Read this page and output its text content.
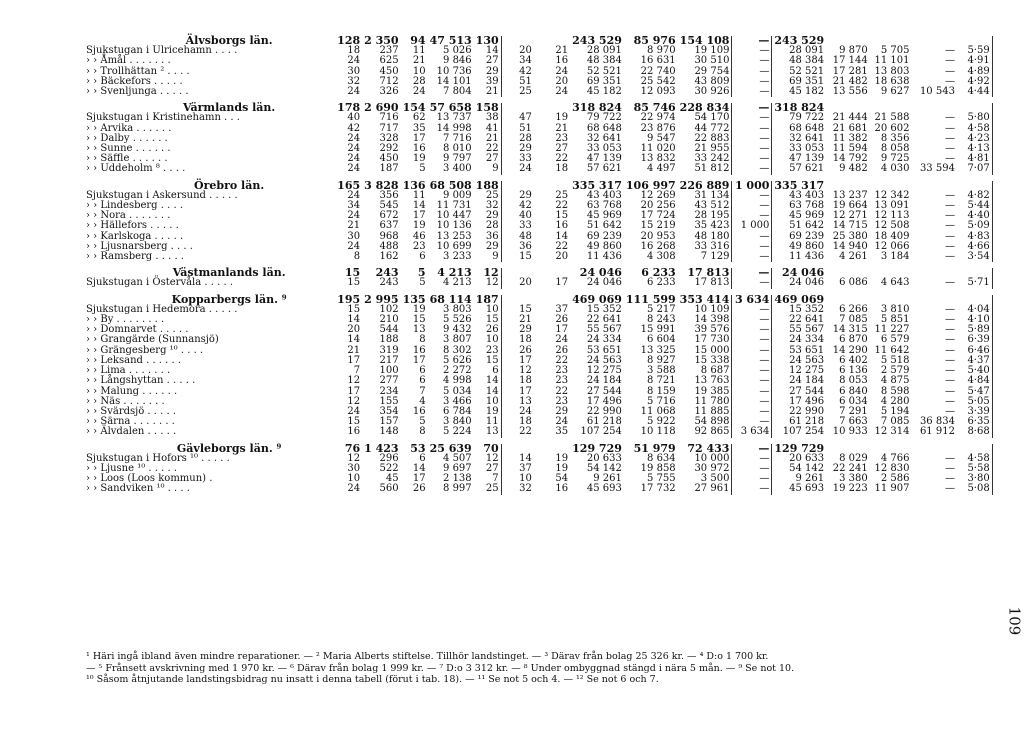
Älvsborgs län.	128	2 350	94	47 513	130			243 529	85 976	154 108	—	243 529					
Sjukstugan i Ulricehamn . . . .	18	237	11	5 026	14	20	21	28 091	8 970	19 109	—	28 091	9 870	5 705	—	5·59	
› › Åmål . . . . . . .	24	625	21	9 846	27	34	16	48 384	16 631	30 510	—	48 384	17 144	11 101	—	4·91	
› › Trollhättan ² . . . .	30	450	10	10 736	29	42	24	52 521	22 740	29 754	—	52 521	17 281	13 803	—	4·89	
› › Bäckefors . . . . .	32	712	28	14 101	39	51	20	69 351	25 542	43 809	—	69 351	21 482	18 638	—	4·92	
› › Svenljunga . . . . .	24	326	24	7 804	21	25	24	45 182	12 093	30 926	—	45 182	13 556	9 627	10 543	4·44	

Värmlands län.	178	2 690	154	57 658	158			318 824	85 746	228 834	—	318 824					
Sjukstugan i Kristinehamn . . .	40	716	62	13 737	38	47	19	79 722	22 974	54 170	—	79 722	21 444	21 588	—	5·80	
› › Arvika . . . . . .	42	717	35	14 998	41	51	21	68 648	23 876	44 772	—	68 648	21 681	20 602	—	4·58	
› › Dalby . . . . . .	24	328	17	7 716	21	28	23	32 641	9 547	22 883	—	32 641	11 382	8 356	—	4·23	
› › Sunne . . . . . .	24	292	16	8 010	22	29	27	33 053	11 020	21 955	—	33 053	11 594	8 058	—	4·13	
› › Säffle . . . . . .	24	450	19	9 797	27	33	22	47 139	13 832	33 242	—	47 139	14 792	9 725	—	4·81	
› › Uddeholm ⁸ . . . .	24	187	5	3 400	9	24	18	57 621	4 497	51 812	—	57 621	9 482	4 030	33 594	7·07	

Örebro län.	165	3 828	136	68 508	188			335 317	106 997	226 889	1 000	335 317					
Sjukstugan i Askersund . . . . .	24	356	11	9 009	25	29	25	43 403	12 269	31 134	—	43 403	13 237	12 342	—	4·82	
› › Lindesberg . . . .	34	545	14	11 731	32	42	22	63 768	20 256	43 512	—	63 768	19 664	13 091	—	5·44	
› › Nora . . . . . . .	24	672	17	10 447	29	40	15	45 969	17 724	28 195	—	45 969	12 271	12 113	—	4·40	
› › Hällefors . . . . .	21	637	19	10 136	28	33	16	51 642	15 219	35 423	1 000	51 642	14 715	12 508	—	5·09	
› › Karlskoga . . . . .	30	968	46	13 253	36	48	14	69 239	20 953	48 180	—	69 239	25 380	18 409	—	4·83	
› › Ljusnarsberg . . . .	24	488	23	10 699	29	36	22	49 860	16 268	33 316	—	49 860	14 940	12 066	—	4·66	
› › Ramsberg . . . . .	8	162	6	3 233	9	15	20	11 436	4 308	7 129	—	11 436	4 261	3 184	—	3·54	

Västmanlands län.	15	243	5	4 213	12			24 046	6 233	17 813	—	24 046					
Sjukstugan i Östervåla . . . . .	15	243	5	4 213	12	20	17	24 046	6 233	17 813	—	24 046	6 086	4 643	—	5·71	

Kopparbergs län. ⁹	195	2 995	135	68 114	187			469 069	111 599	353 414	3 634	469 069					
Sjukstugan i Hedemora . . . . .	15	102	19	3 803	10	15	37	15 352	5 217	10 109	—	15 352	6 266	3 810	—	4·04	
› › By . . . . . . . .	14	210	15	5 526	15	21	26	22 641	8 243	14 398	—	22 641	7 085	5 851	—	4·10	
› › Domnarvet . . . . .	20	544	13	9 432	26	29	17	55 567	15 991	39 576	—	55 567	14 315	11 227	—	5·89	
› › Grangärde (Sunnansjö)	14	188	8	3 807	10	18	24	24 334	6 604	17 730	—	24 334	6 870	6 579	—	6·39	
› › Grängesberg ¹⁰ . . . .	21	319	16	8 302	23	26	26	53 651	13 325	15 000	—	53 651	14 290	11 642	—	6·46	
› › Leksand . . . . . .	17	217	17	5 626	15	17	22	24 563	8 927	15 338	—	24 563	6 402	5 518	—	4·37	
› › Lima . . . . . . .	7	100	6	2 272	6	12	23	12 275	3 588	8 687	—	12 275	6 136	2 579	—	5·40	
› › Långshyttan . . . . .	12	277	6	4 998	14	18	23	24 184	8 721	13 763	—	24 184	8 053	4 875	—	4·84	
› › Malung . . . . . .	17	234	7	5 034	14	17	22	27 544	8 159	19 385	—	27 544	6 840	8 598	—	5·47	
› › Näs . . . . . . .	12	155	4	3 466	10	13	23	17 496	5 716	11 780	—	17 496	6 034	4 280	—	5·05	
› › Svärdsjö . . . . .	24	354	16	6 784	19	24	29	22 990	11 068	11 885	—	22 990	7 291	5 194	—	3·39	
› › Särna . . . . . . .	15	157	5	3 840	11	18	24	61 218	5 922	54 898	—	61 218	7 663	7 085	36 834	6·35	
› › Älvdalen . . . . .	16	148	8	5 224	13	22	35	107 254	10 118	92 865	3 634	107 254	10 933	12 314	61 912	8·68	

Gävleborgs län. ⁹	76	1 423	53	25 639	70			129 729	51 979	72 433	—	129 729					
Sjukstugan i Hofors ¹⁰ . . . . .	12	296	6	4 507	12	14	19	20 633	8 634	10 000	—	20 633	8 029	4 766	—	4·58	
› › Ljusne ¹⁰ . . . . .	30	522	14	9 697	27	37	19	54 142	19 858	30 972	—	54 142	22 241	12 830	—	5·58	
› › Loos (Loos kommun) .	10	45	17	2 138	7	10	54	9 261	5 755	3 500	—	9 261	3 380	2 586	—	3·80	
› › Sandviken ¹⁰ . . . .	24	560	26	8 997	25	32	16	45 693	17 732	27 961	—	45 693	19 223	11 907	—	5·08	

¹ Häri ingå ibland även mindre reparationer. — ² Maria Alberts stiftelse. Tillhör landstinget. — ³ Därav från bolag 25 326 kr. — ⁴ D:o 1 700 kr.

— ⁵ Frånsett avskrivning med 1 970 kr. — ⁶ Därav från bolag 1 999 kr. — ⁷ D:o 3 312 kr. — ⁸ Under ombyggnad stängd i nära 5 mån. — ⁹ Se not 10.

¹⁰ Såsom åtnjutande landstingsbidrag nu insatt i denna tabell (förut i tab. 18). — ¹¹ Se not 5 och 4. — ¹² Se not 6 och 7.

109
